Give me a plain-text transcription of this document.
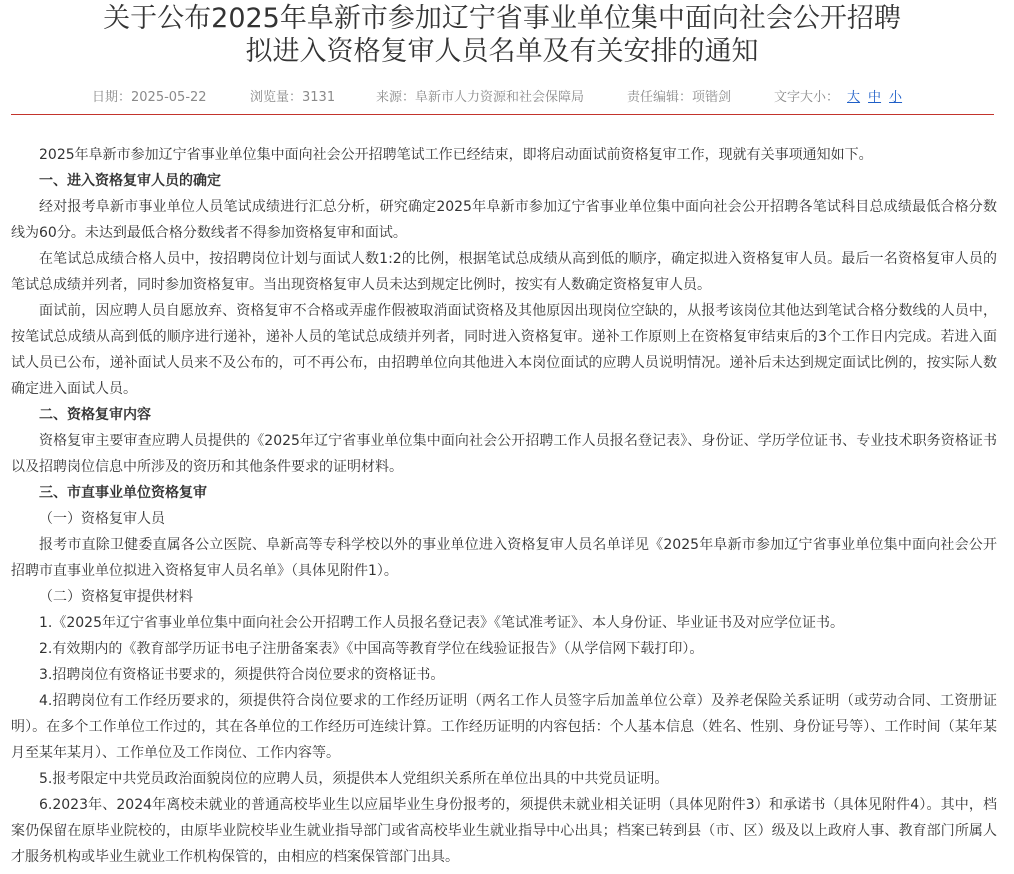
关于公布2025年阜新市参加辽宁省事业单位集中面向社会公开招聘
拟进入资格复审人员名单及有关安排的通知
日期：2025-05-22	浏览量：3131	来源：阜新市人力资源和社会保障局	责任编辑：项锴剑	文字大小： 大 中 小

2025年阜新市参加辽宁省事业单位集中面向社会公开招聘笔试工作已经结束，即将启动面试前资格复审工作，现就有关事项通知如下。

一、进入资格复审人员的确定

经对报考阜新市事业单位人员笔试成绩进行汇总分析，研究确定2025年阜新市参加辽宁省事业单位集中面向社会公开招聘各笔试科目总成绩最低合格分数线为60分。未达到最低合格分数线者不得参加资格复审和面试。

在笔试总成绩合格人员中，按招聘岗位计划与面试人数1:2的比例，根据笔试总成绩从高到低的顺序，确定拟进入资格复审人员。最后一名资格复审人员的笔试总成绩并列者，同时参加资格复审。当出现资格复审人员未达到规定比例时，按实有人数确定资格复审人员。

面试前，因应聘人员自愿放弃、资格复审不合格或弄虚作假被取消面试资格及其他原因出现岗位空缺的，从报考该岗位其他达到笔试合格分数线的人员中，按笔试总成绩从高到低的顺序进行递补，递补人员的笔试总成绩并列者，同时进入资格复审。递补工作原则上在资格复审结束后的3个工作日内完成。若进入面试人员已公布，递补面试人员来不及公布的，可不再公布，由招聘单位向其他进入本岗位面试的应聘人员说明情况。递补后未达到规定面试比例的，按实际人数确定进入面试人员。

二、资格复审内容

资格复审主要审查应聘人员提供的《2025年辽宁省事业单位集中面向社会公开招聘工作人员报名登记表》、身份证、学历学位证书、专业技术职务资格证书以及招聘岗位信息中所涉及的资历和其他条件要求的证明材料。

三、市直事业单位资格复审

（一）资格复审人员

报考市直除卫健委直属各公立医院、阜新高等专科学校以外的事业单位进入资格复审人员名单详见《2025年阜新市参加辽宁省事业单位集中面向社会公开招聘市直事业单位拟进入资格复审人员名单》（具体见附件1）。

（二）资格复审提供材料

1.《2025年辽宁省事业单位集中面向社会公开招聘工作人员报名登记表》《笔试准考证》、本人身份证、毕业证书及对应学位证书。

2.有效期内的《教育部学历证书电子注册备案表》《中国高等教育学位在线验证报告》（从学信网下载打印）。

3.招聘岗位有资格证书要求的，须提供符合岗位要求的资格证书。

4.招聘岗位有工作经历要求的，须提供符合岗位要求的工作经历证明（两名工作人员签字后加盖单位公章）及养老保险关系证明（或劳动合同、工资册证明）。在多个工作单位工作过的，其在各单位的工作经历可连续计算。工作经历证明的内容包括：个人基本信息（姓名、性别、身份证号等）、工作时间（某年某月至某年某月）、工作单位及工作岗位、工作内容等。

5.报考限定中共党员政治面貌岗位的应聘人员，须提供本人党组织关系所在单位出具的中共党员证明。

6.2023年、2024年离校未就业的普通高校毕业生以应届毕业生身份报考的，须提供未就业相关证明（具体见附件3）和承诺书（具体见附件4）。其中，档案仍保留在原毕业院校的，由原毕业院校毕业生就业指导部门或省高校毕业生就业指导中心出具；档案已转到县（市、区）级及以上政府人事、教育部门所属人才服务机构或毕业生就业工作机构保管的，由相应的档案保管部门出具。
